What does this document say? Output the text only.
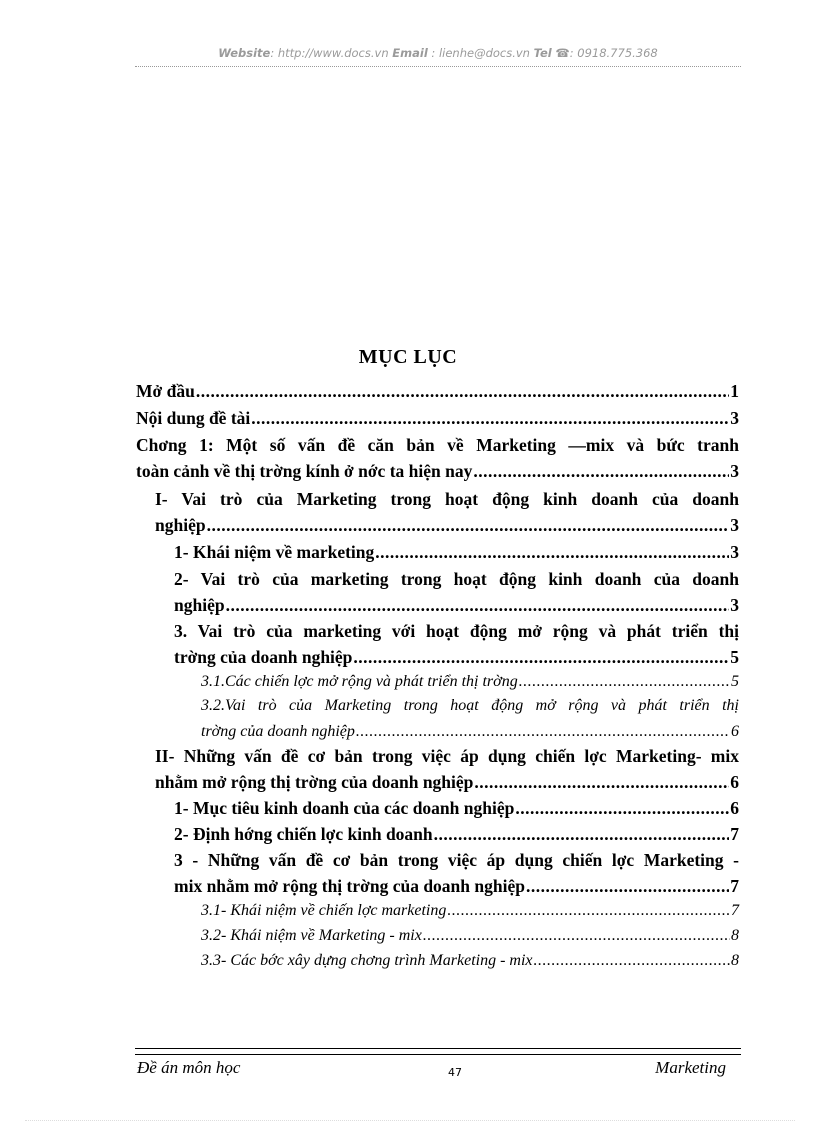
Website: http://www.docs.vn Email : lienhe@docs.vn Tel ☎: 0918.775.368
MỤC LỤC
Mở đầu .....	1
Nội dung đề tài .....	3
Chơng 1: Một số vấn đề căn bản về Marketing —mix và bức tranh
toàn cảnh về thị trờng kính ở nớc ta hiện nay .....	3
I- Vai trò của Marketing trong hoạt động kinh doanh của doanh
nghiệp .....	3
1- Khái niệm về marketing .....	3
2- Vai trò của marketing trong hoạt động kinh doanh của doanh
nghiệp .....	3
3. Vai trò của marketing với hoạt động mở rộng và phát triển thị
trờng của doanh nghiệp .....	5
3.1.Các chiến lợc mở rộng và phát triển thị trờng .....	5
3.2.Vai trò của Marketing trong hoạt động mở rộng và phát triển thị
trờng của doanh nghiệp .....	6
II- Những vấn đề cơ bản trong việc áp dụng chiến lợc Marketing- mix
nhằm mở rộng thị trờng của doanh nghiệp .....	6
1- Mục tiêu kinh doanh của các doanh nghiệp .....	6
2- Định hớng chiến lợc kinh doanh .....	7
3 - Những vấn đề cơ bản trong việc áp dụng chiến lợc Marketing -
mix nhằm mở rộng thị trờng của doanh nghiệp .....	7
3.1- Khái niệm về chiến lợc marketing .....	7
3.2- Khái niệm về Marketing - mix .....	8
3.3- Các bớc xây dựng chơng trình Marketing - mix .....	8
Đề án môn học	47	Marketing
